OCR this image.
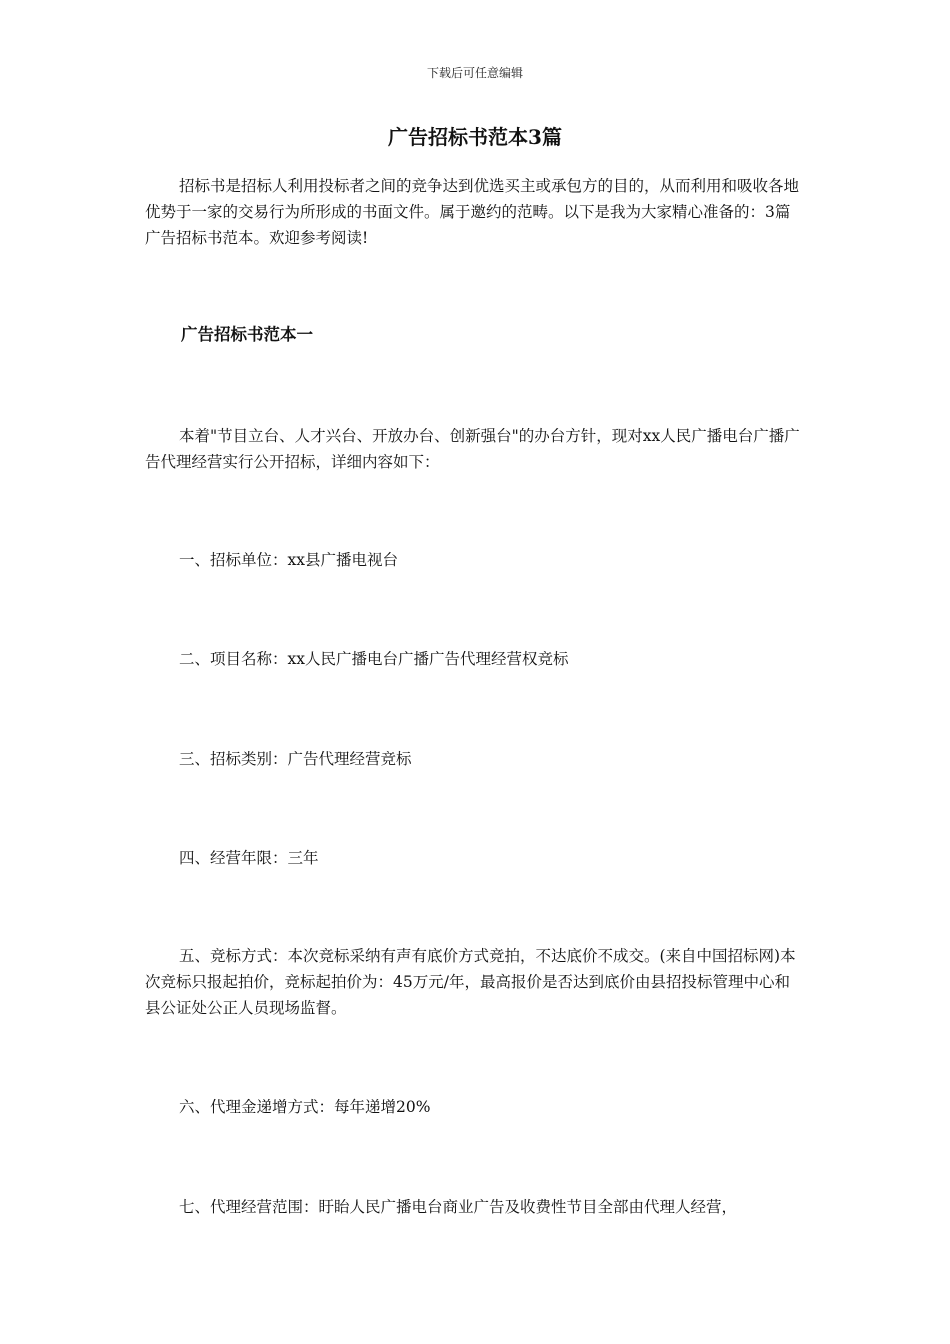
下载后可任意编辑
广告招标书范本3篇

招标书是招标人利用投标者之间的竞争达到优选买主或承包方的目的，从而利用和吸收各地优势于一家的交易行为所形成的书面文件。属于邀约的范畴。以下是我为大家精心准备的：3篇广告招标书范本。欢迎参考阅读!

广告招标书范本一

本着"节目立台、人才兴台、开放办台、创新强台"的办台方针，现对xx人民广播电台广播广告代理经营实行公开招标，详细内容如下：

一、招标单位：xx县广播电视台

二、项目名称：xx人民广播电台广播广告代理经营权竞标

三、招标类别：广告代理经营竞标

四、经营年限：三年

五、竞标方式：本次竞标采纳有声有底价方式竞拍，不达底价不成交。(来自中国招标网)本次竞标只报起拍价，竞标起拍价为：45万元/年，最高报价是否达到底价由县招投标管理中心和县公证处公正人员现场监督。

六、代理金递增方式：每年递增20%

七、代理经营范围：盱眙人民广播电台商业广告及收费性节目全部由代理人经营，
